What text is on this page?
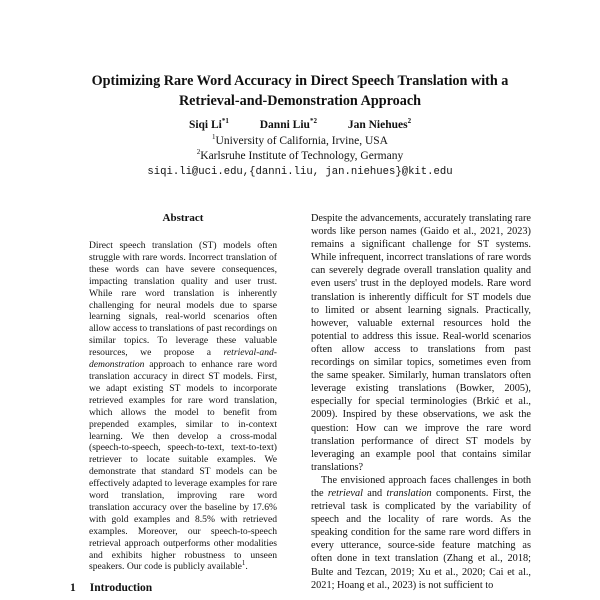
Optimizing Rare Word Accuracy in Direct Speech Translation with a
Retrieval-and-Demonstration Approach
Siqi Li$^{*1}$	Danni Liu$^{*2}$	Jan Niehues$^2$
$^1$University of California, Irvine, USA
$^2$Karlsruhe Institute of Technology, Germany
siqi.li@uci.edu,{danni.liu, jan.niehues}@kit.edu
Abstract

Direct speech translation (ST) models often struggle with rare words. Incorrect translation of these words can have severe consequences, impacting translation quality and user trust. While rare word translation is inherently challenging for neural models due to sparse learning signals, real-world scenarios often allow access to translations of past recordings on similar topics. To leverage these valuable resources, we propose a retrieval-and-demonstration approach to enhance rare word translation accuracy in direct ST models. First, we adapt existing ST models to incorporate retrieved examples for rare word translation, which allows the model to benefit from prepended examples, similar to in-context learning. We then develop a cross-modal (speech-to-speech, speech-to-text, text-to-text) retriever to locate suitable examples. We demonstrate that standard ST models can be effectively adapted to leverage examples for rare word translation, improving rare word translation accuracy over the baseline by 17.6% with gold examples and 8.5% with retrieved examples. Moreover, our speech-to-speech retrieval approach outperforms other modalities and exhibits higher robustness to unseen speakers. Our code is publicly available$^1$.

Despite the advancements, accurately translating rare words like person names (Gaido et al., 2021, 2023) remains a significant challenge for ST systems. While infrequent, incorrect translations of rare words can severely degrade overall translation quality and even users' trust in the deployed models. Rare word translation is inherently difficult for ST models due to limited or absent learning signals. Practically, however, valuable external resources hold the potential to address this issue. Real-world scenarios often allow access to translations from past recordings on similar topics, sometimes even from the same speaker. Similarly, human translators often leverage existing translations (Bowker, 2005), especially for special terminologies (Brkić et al., 2009). Inspired by these observations, we ask the question: How can we improve the rare word translation performance of direct ST models by leveraging an example pool that contains similar translations?

The envisioned approach faces challenges in both the retrieval and translation components. First, the retrieval task is complicated by the variability of speech and the locality of rare words. As the speaking condition for the same rare word differs in every utterance, source-side feature matching as often done in text translation (Zhang et al., 2018; Bulte and Tezcan, 2019; Xu et al., 2020; Cai et al., 2021; Hoang et al., 2023) is not sufficient to

1 Introduction
